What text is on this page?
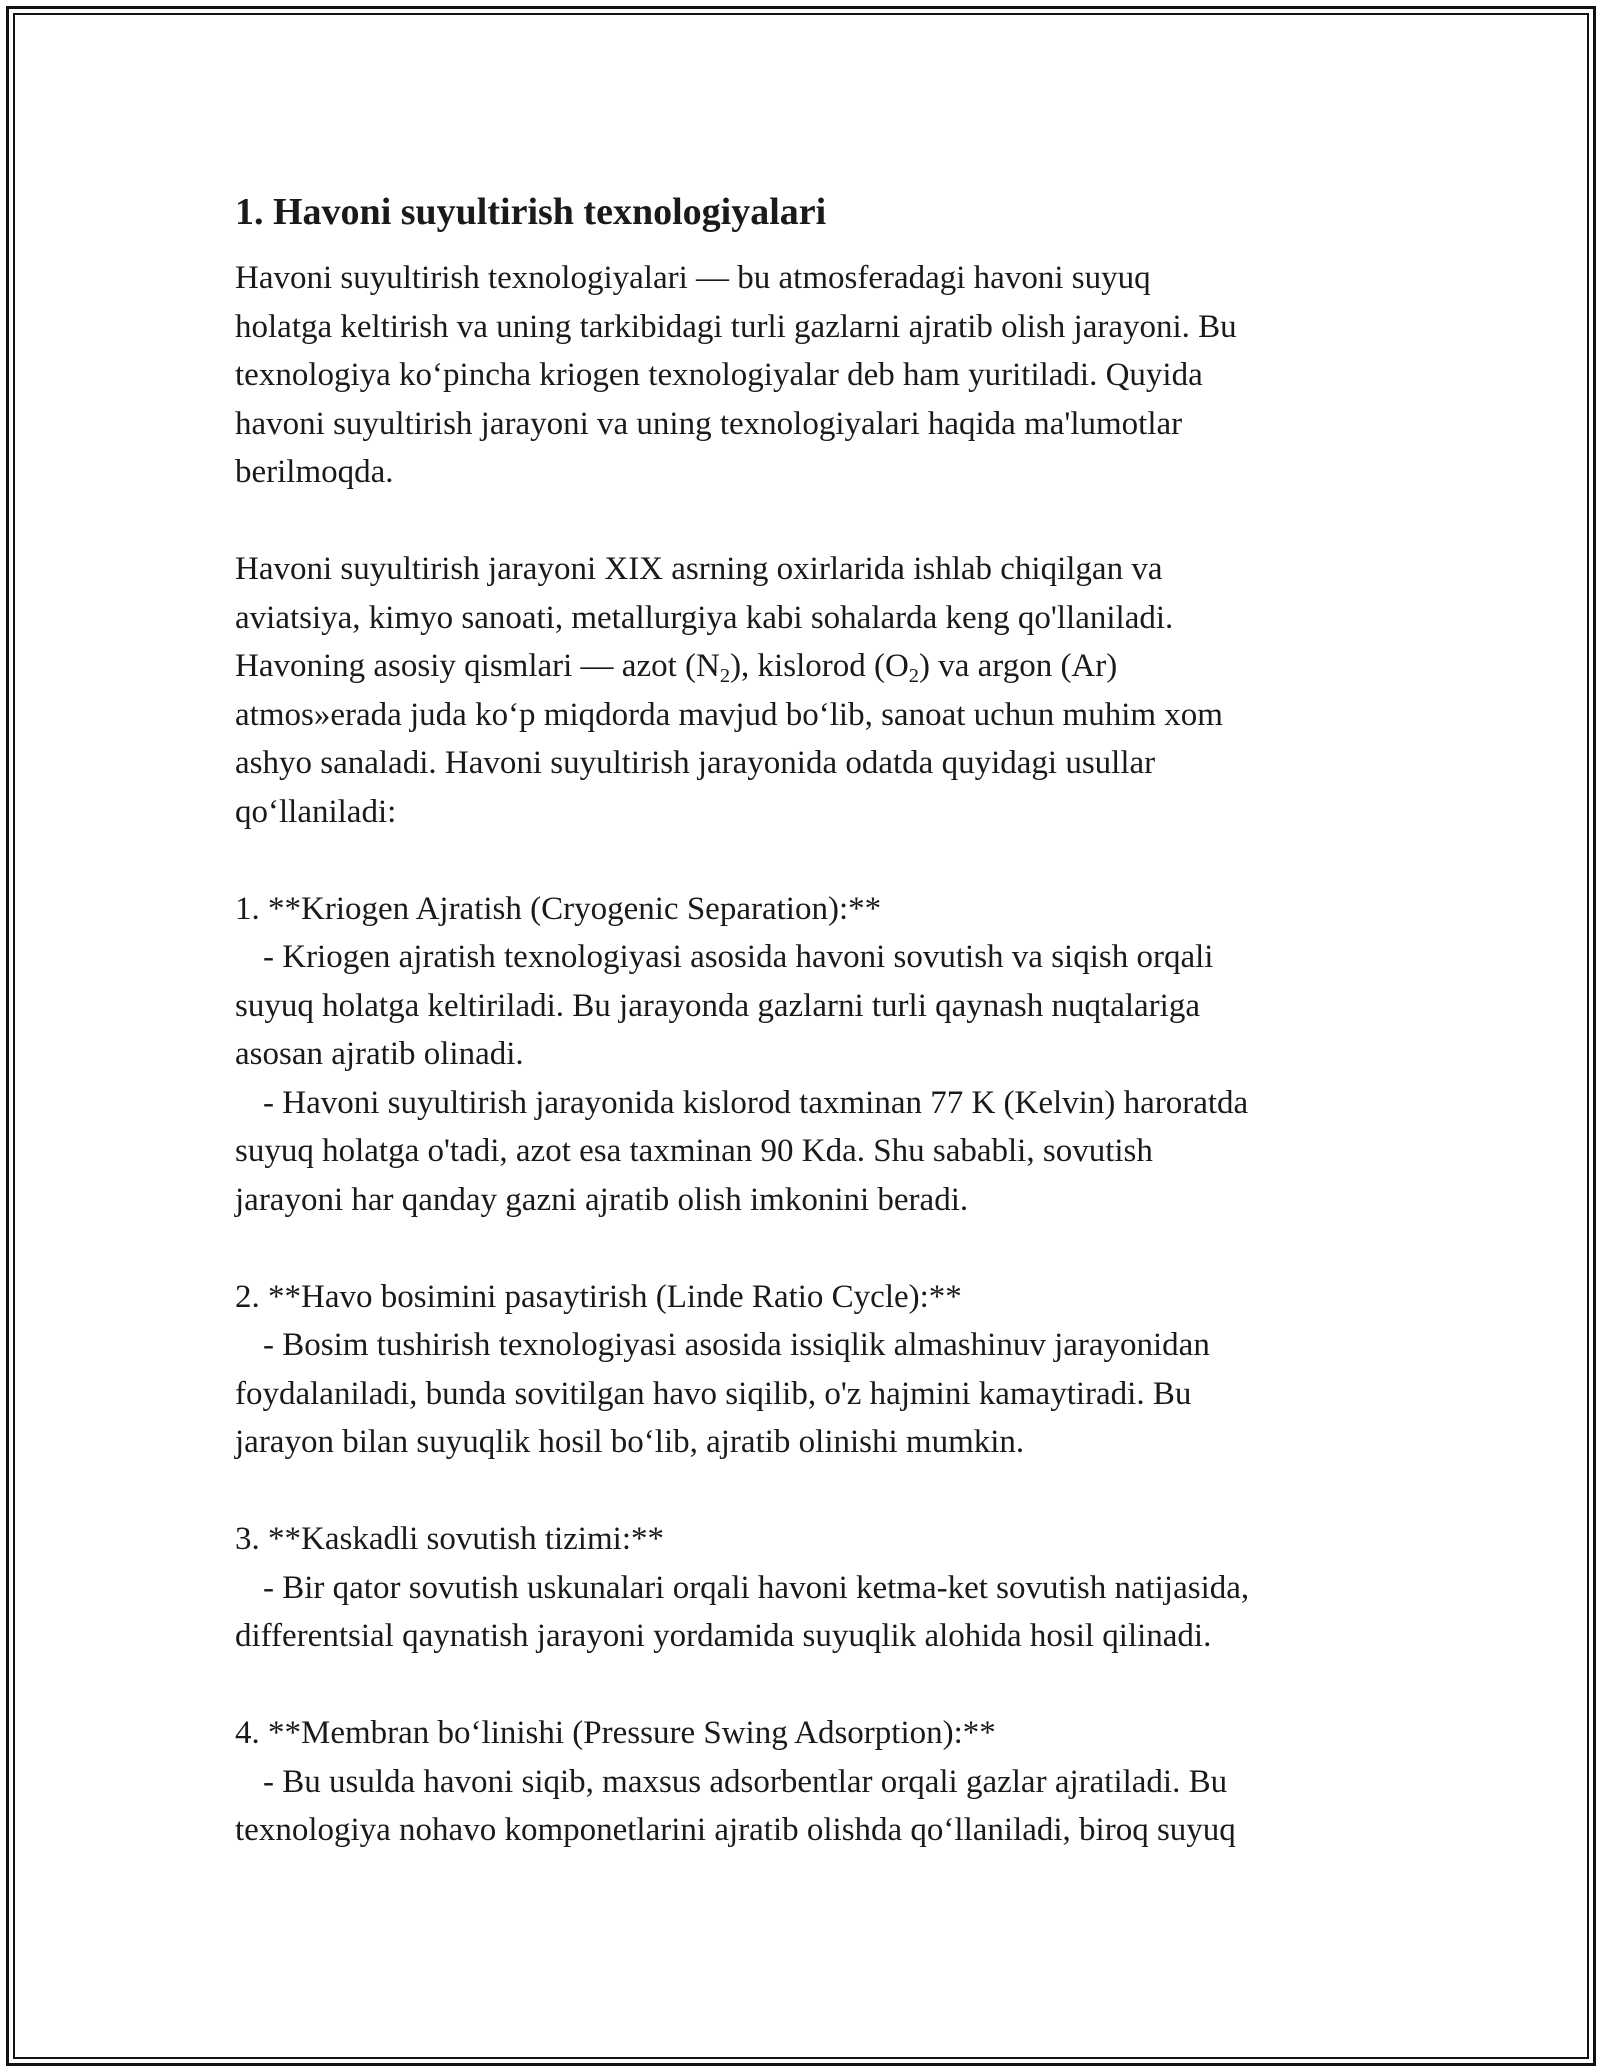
1. Havoni suyultirish texnologiyalari
Havoni suyultirish texnologiyalari — bu atmosferadagi havoni suyuq
holatga keltirish va uning tarkibidagi turli gazlarni ajratib olish jarayoni. Bu
texnologiya ko‘pincha kriogen texnologiyalar deb ham yuritiladi. Quyida
havoni suyultirish jarayoni va uning texnologiyalari haqida ma'lumotlar
berilmoqda.
Havoni suyultirish jarayoni XIX asrning oxirlarida ishlab chiqilgan va
aviatsiya, kimyo sanoati, metallurgiya kabi sohalarda keng qo'llaniladi.
Havoning asosiy qismlari — azot $(N_2)$, kislorod $(O_2)$ va argon (Ar)
atmos»erada juda ko‘p miqdorda mavjud bo‘lib, sanoat uchun muhim xom
ashyo sanaladi. Havoni suyultirish jarayonida odatda quyidagi usullar
qo‘llaniladi:
1. **Kriogen Ajratish (Cryogenic Separation):**
- Kriogen ajratish texnologiyasi asosida havoni sovutish va siqish orqali
suyuq holatga keltiriladi. Bu jarayonda gazlarni turli qaynash nuqtalariga
asosan ajratib olinadi.
- Havoni suyultirish jarayonida kislorod taxminan 77 K (Kelvin) haroratda
suyuq holatga o'tadi, azot esa taxminan 90 Kda. Shu sababli, sovutish
jarayoni har qanday gazni ajratib olish imkonini beradi.
2. **Havo bosimini pasaytirish (Linde Ratio Cycle):**
- Bosim tushirish texnologiyasi asosida issiqlik almashinuv jarayonidan
foydalaniladi, bunda sovitilgan havo siqilib, o'z hajmini kamaytiradi. Bu
jarayon bilan suyuqlik hosil bo‘lib, ajratib olinishi mumkin.
3. **Kaskadli sovutish tizimi:**
- Bir qator sovutish uskunalari orqali havoni ketma-ket sovutish natijasida,
differentsial qaynatish jarayoni yordamida suyuqlik alohida hosil qilinadi.
4. **Membran bo‘linishi (Pressure Swing Adsorption):**
- Bu usulda havoni siqib, maxsus adsorbentlar orqali gazlar ajratiladi. Bu
texnologiya nohavo komponetlarini ajratib olishda qo‘llaniladi, biroq suyuq
